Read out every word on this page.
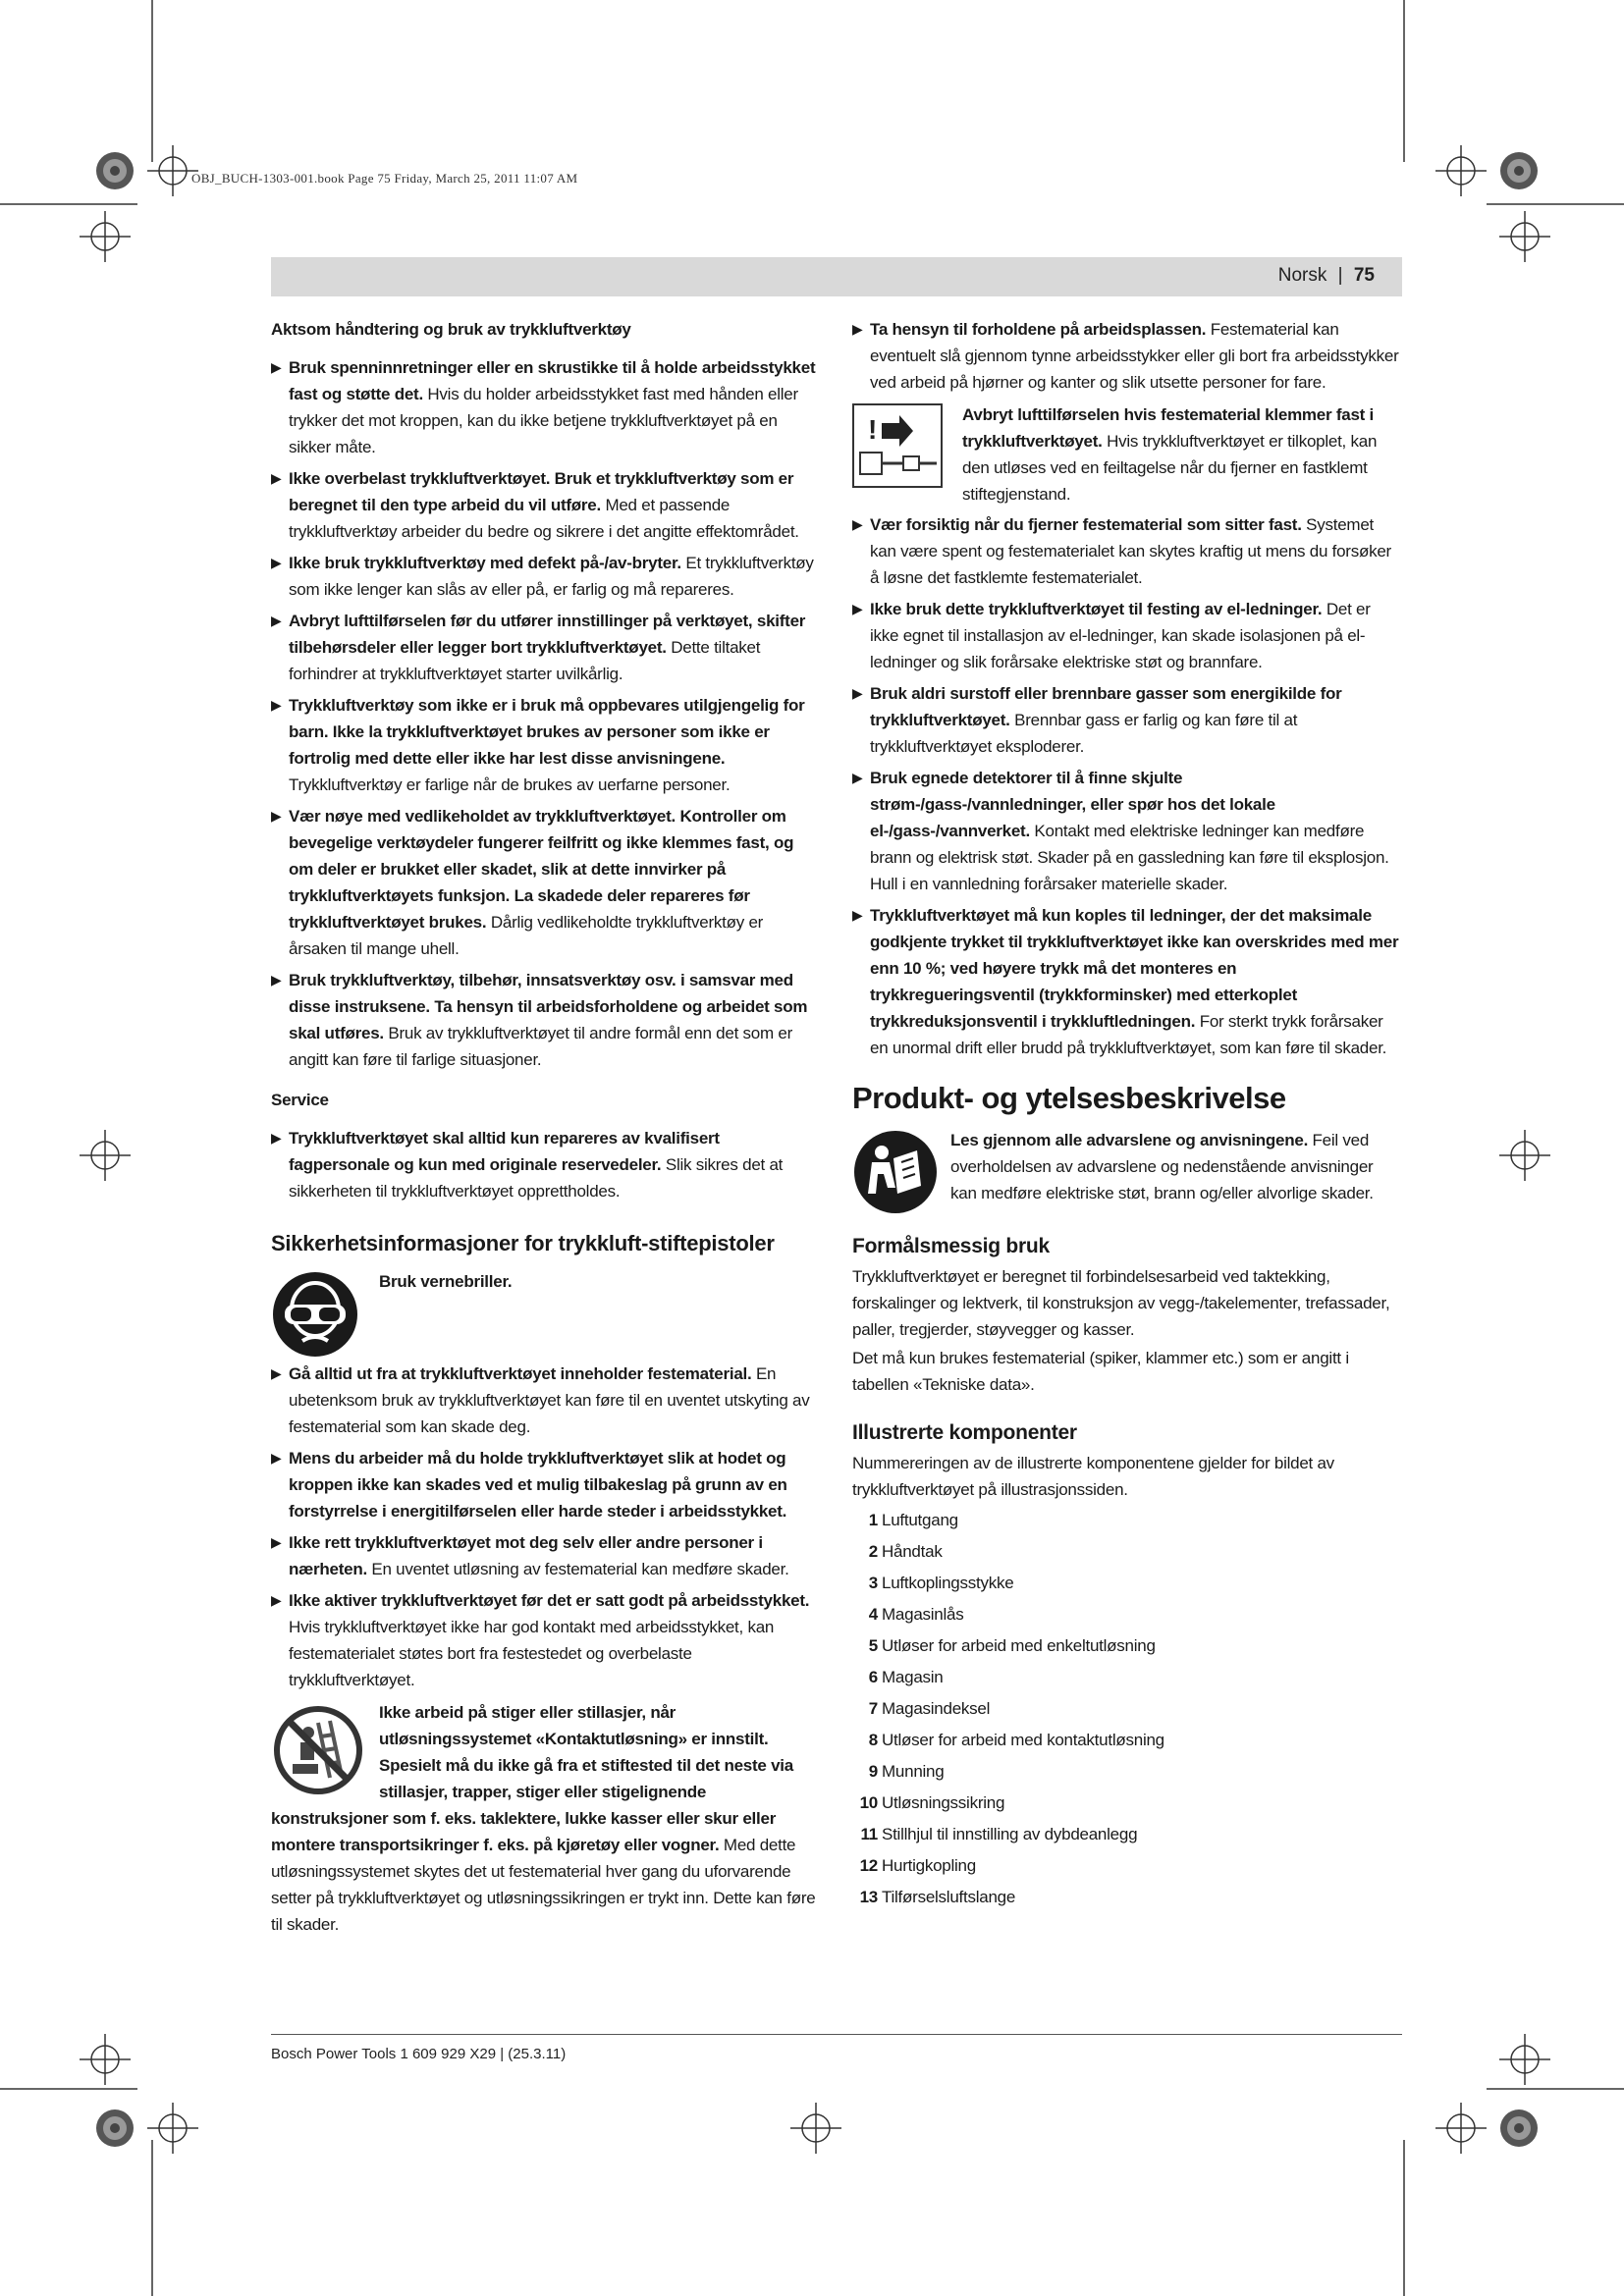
OBJ_BUCH-1303-001.book Page 75 Friday, March 25, 2011 11:07 AM
Norsk | 75
Aktsom håndtering og bruk av trykkluftverktøy
▶ Bruk spenninnretninger eller en skrustikke til å holde arbeidsstykket fast og støtte det. Hvis du holder arbeidsstykket fast med hånden eller trykker det mot kroppen, kan du ikke betjene trykkluftverktøyet på en sikker måte.
▶ Ikke overbelast trykkluftverktøyet. Bruk et trykkluftverktøy som er beregnet til den type arbeid du vil utføre. Med et passende trykkluftverktøy arbeider du bedre og sikrere i det angitte effektområdet.
▶ Ikke bruk trykkluftverktøy med defekt på-/av-bryter. Et trykkluftverktøy som ikke lenger kan slås av eller på, er farlig og må repareres.
▶ Avbryt lufttilførselen før du utfører innstillinger på verktøyet, skifter tilbehørsdeler eller legger bort trykkluftverktøyet. Dette tiltaket forhindrer at trykkluftverktøyet starter uvilkårlig.
▶ Trykkluftverktøy som ikke er i bruk må oppbevares utilgjengelig for barn. Ikke la trykkluftverktøyet brukes av personer som ikke er fortrolig med dette eller ikke har lest disse anvisningene. Trykkluftverktøy er farlige når de brukes av uerfarne personer.
▶ Vær nøye med vedlikeholdet av trykkluftverktøyet. Kontroller om bevegelige verktøydeler fungerer feilfritt og ikke klemmes fast, og om deler er brukket eller skadet, slik at dette innvirker på trykkluftverktøyets funksjon. La skadede deler repareres før trykkluftverktøyet brukes. Dårlig vedlikeholdte trykkluftverktøy er årsaken til mange uhell.
▶ Bruk trykkluftverktøy, tilbehør, innsatsverktøy osv. i samsvar med disse instruksene. Ta hensyn til arbeidsforholdene og arbeidet som skal utføres. Bruk av trykkluftverktøyet til andre formål enn det som er angitt kan føre til farlige situasjoner.
Service
▶ Trykkluftverktøyet skal alltid kun repareres av kvalifisert fagpersonale og kun med originale reservedeler. Slik sikres det at sikkerheten til trykkluftverktøyet opprettholdes.
Sikkerhetsinformasjoner for trykkluft-stiftepistoler
Bruk vernebriller.
▶ Gå alltid ut fra at trykkluftverktøyet inneholder festematerial. En ubetenksom bruk av trykkluftverktøyet kan føre til en uventet utskyting av festematerial som kan skade deg.
▶ Mens du arbeider må du holde trykkluftverktøyet slik at hodet og kroppen ikke kan skades ved et mulig tilbakeslag på grunn av en forstyrrelse i energitilførselen eller harde steder i arbeidsstykket.
▶ Ikke rett trykkluftverktøyet mot deg selv eller andre personer i nærheten. En uventet utløsning av festematerial kan medføre skader.
▶ Ikke aktiver trykkluftverktøyet før det er satt godt på arbeidsstykket. Hvis trykkluftverktøyet ikke har god kontakt med arbeidsstykket, kan festematerialet støtes bort fra festestedet og overbelaste trykkluftverktøyet.
Ikke arbeid på stiger eller stillasjer, når utløsningssystemet «Kontaktutløsning» er innstilt. Spesielt må du ikke gå fra et stiftested til det neste via stillasjer, trapper, stiger eller stigelignende konstruksjoner som f. eks. taklektere, lukke kasser eller skur eller montere transportsikringer f. eks. på kjøretøy eller vogner. Med dette utløsningssystemet skytes det ut festematerial hver gang du uforvarende setter på trykkluftverktøyet og utløsningssikringen er trykt inn. Dette kan føre til skader.
▶ Ta hensyn til forholdene på arbeidsplassen. Festematerial kan eventuelt slå gjennom tynne arbeidsstykker eller gli bort fra arbeidsstykker ved arbeid på hjørner og kanter og slik utsette personer for fare.
!	Avbryt lufttilførselen hvis festematerial klemmer fast i trykkluftverktøyet. Hvis trykkluftverktøyet er tilkoplet, kan den utløses ved en feiltagelse når du fjerner en fastklemt stiftegjenstand.
▶ Vær forsiktig når du fjerner festematerial som sitter fast. Systemet kan være spent og festematerialet kan skytes kraftig ut mens du forsøker å løsne det fastklemte festematerialet.
▶ Ikke bruk dette trykkluftverktøyet til festing av el-ledninger. Det er ikke egnet til installasjon av el-ledninger, kan skade isolasjonen på el-ledninger og slik forårsake elektriske støt og brannfare.
▶ Bruk aldri surstoff eller brennbare gasser som energikilde for trykkluftverktøyet. Brennbar gass er farlig og kan føre til at trykkluftverktøyet eksploderer.
▶ Bruk egnede detektorer til å finne skjulte strøm-/gass-/vannledninger, eller spør hos det lokale el-/gass-/vannverket. Kontakt med elektriske ledninger kan medføre brann og elektrisk støt. Skader på en gassledning kan føre til eksplosjon. Hull i en vannledning forårsaker materielle skader.
▶ Trykkluftverktøyet må kun koples til ledninger, der det maksimale godkjente trykket til trykkluftverktøyet ikke kan overskrides med mer enn 10 %; ved høyere trykk må det monteres en trykkregueringsventil (trykkforminsker) med etterkoplet trykkreduksjonsventil i trykkluftledningen. For sterkt trykk forårsaker en unormal drift eller brudd på trykkluftverktøyet, som kan føre til skader.
Produkt- og ytelsesbeskrivelse
Les gjennom alle advarslene og anvisningene. Feil ved overholdelsen av advarslene og nedenstående anvisninger kan medføre elektriske støt, brann og/eller alvorlige skader.
Formålsmessig bruk
Trykkluftverktøyet er beregnet til forbindelsesarbeid ved taktekking, forskalinger og lektverk, til konstruksjon av vegg-/takelementer, trefassader, paller, tregjerder, støyvegger og kasser.
Det må kun brukes festematerial (spiker, klammer etc.) som er angitt i tabellen «Tekniske data».
Illustrerte komponenter
Nummereringen av de illustrerte komponentene gjelder for bildet av trykkluftverktøyet på illustrasjonssiden.
1 Luftutgang
2 Håndtak
3 Luftkoplingsstykke
4 Magasinlås
5 Utløser for arbeid med enkeltutløsning
6 Magasin
7 Magasindeksel
8 Utløser for arbeid med kontaktutløsning
9 Munning
10 Utløsningssikring
11 Stillhjul til innstilling av dybdeanlegg
12 Hurtigkopling
13 Tilførselsluftslange
Bosch Power Tools 1 609 929 X29 | (25.3.11)
